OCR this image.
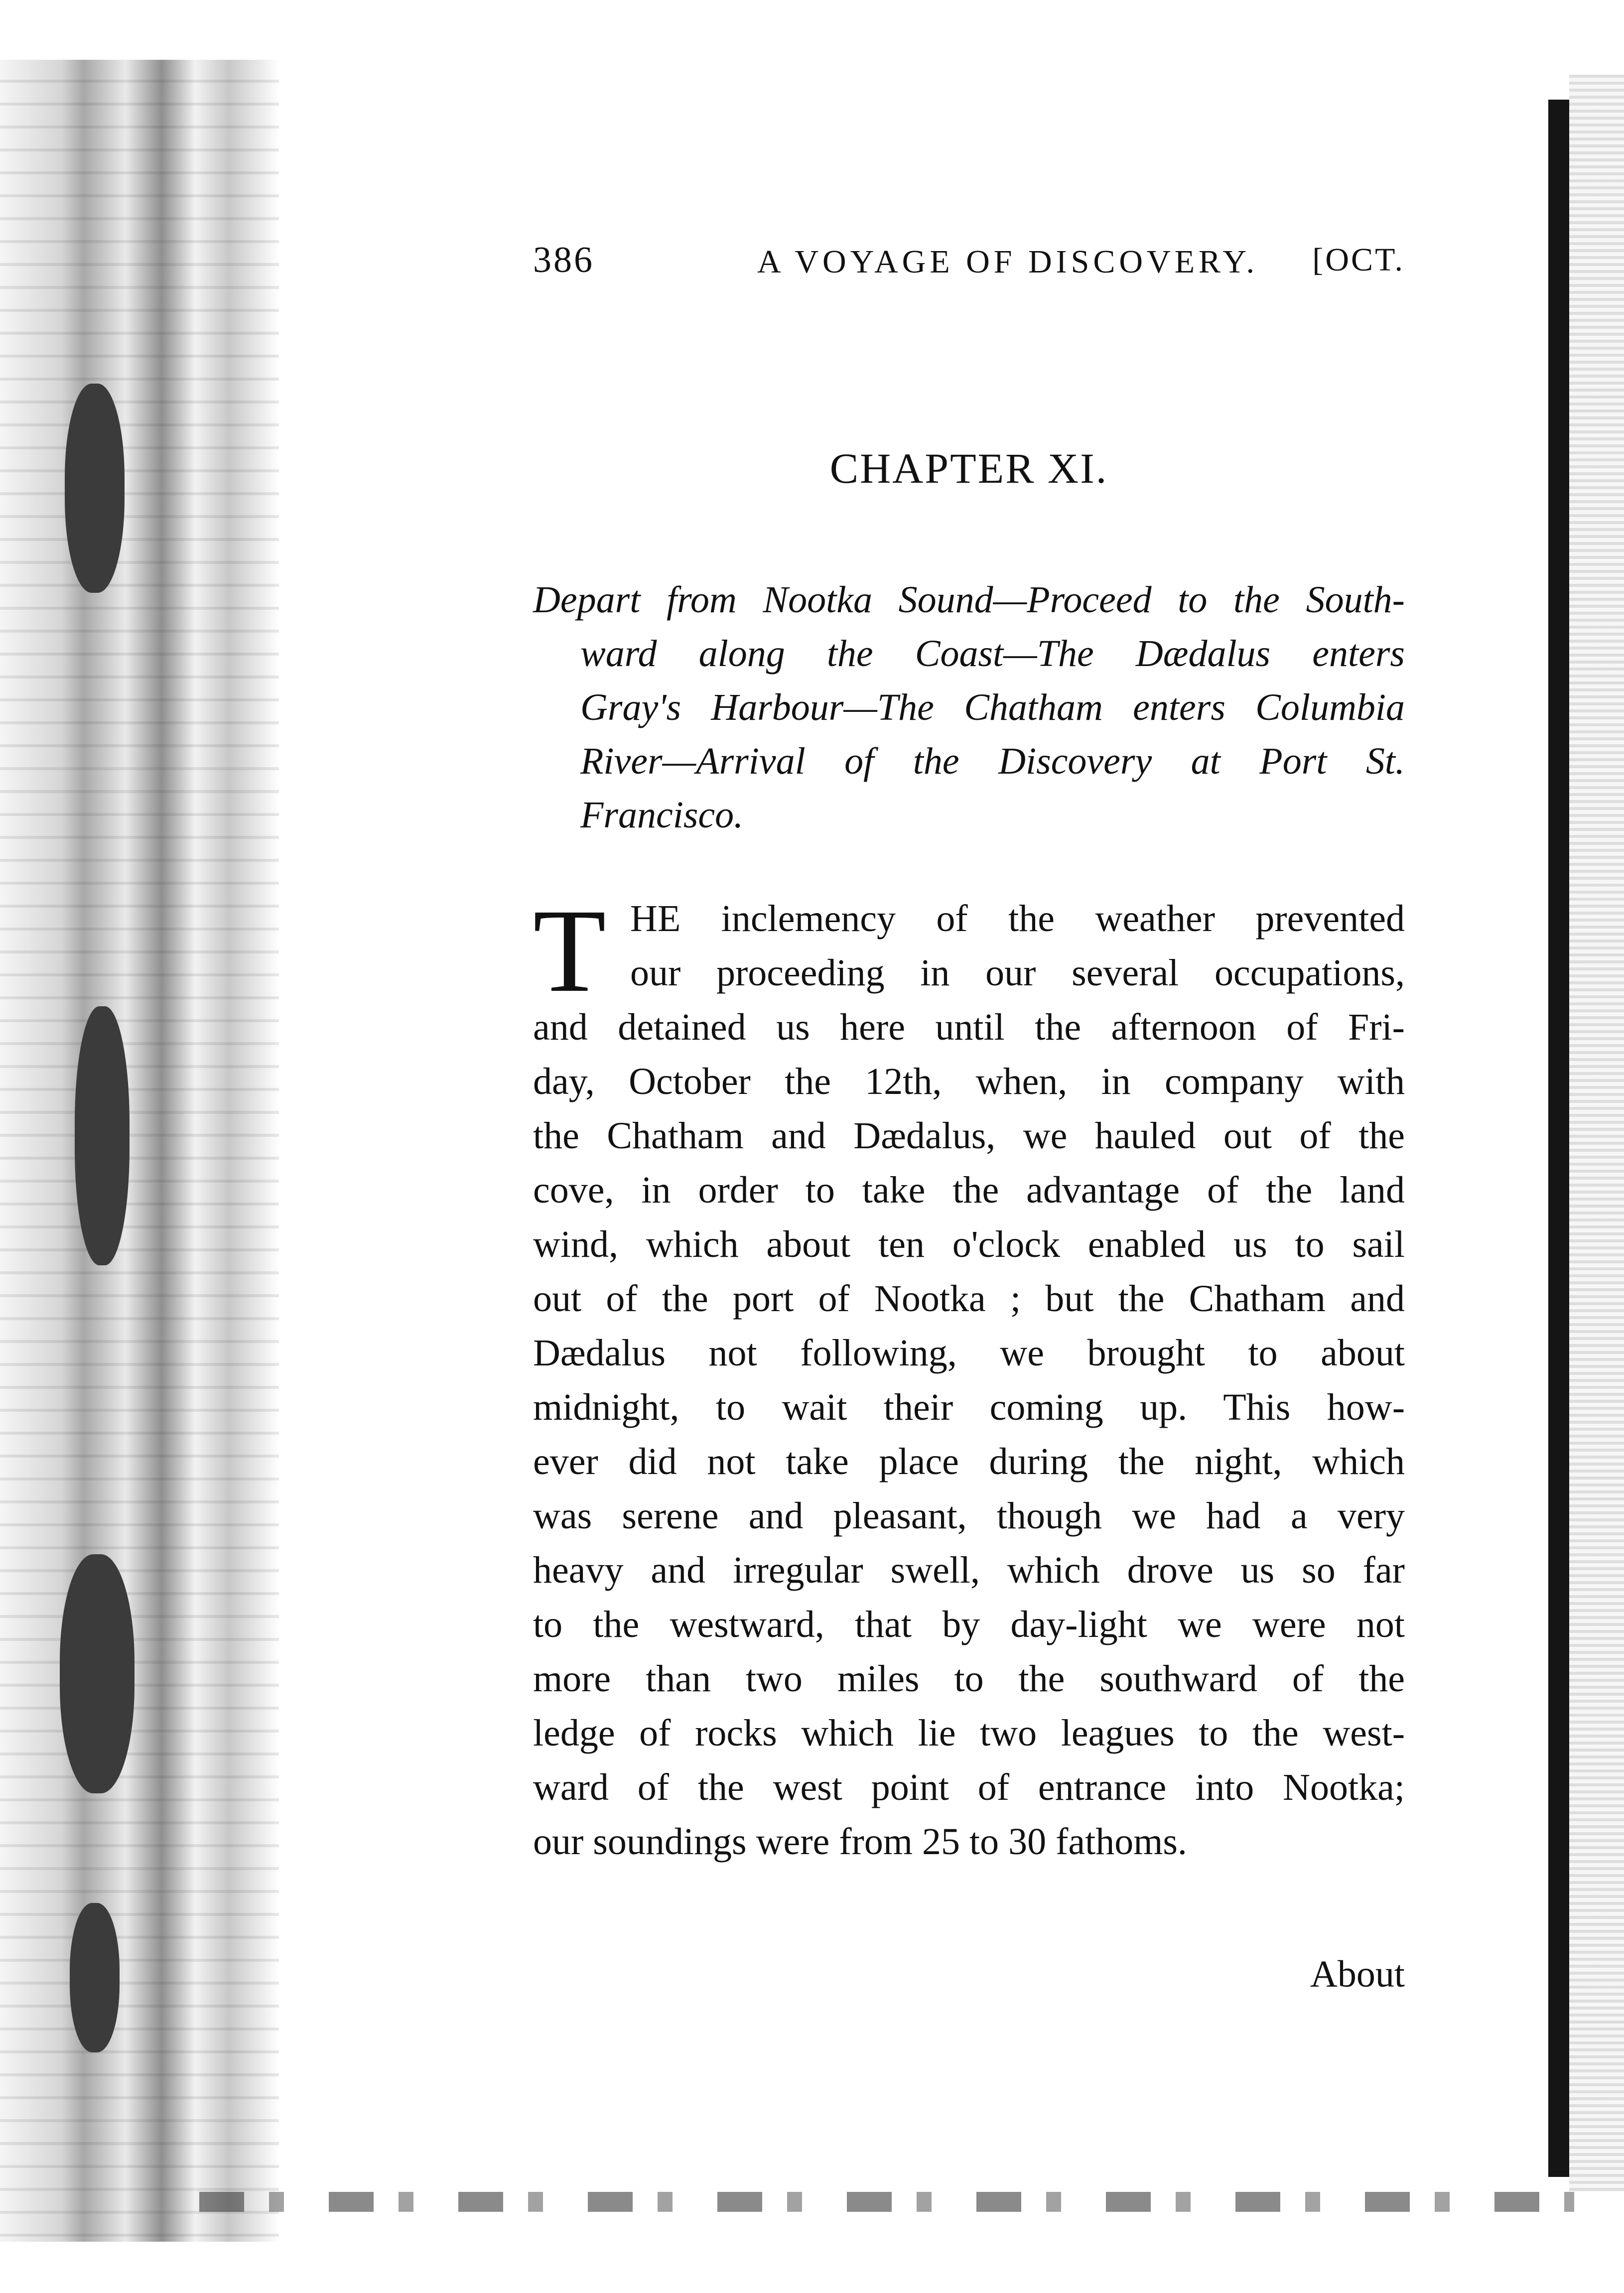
386	A VOYAGE OF DISCOVERY. [OCT.
CHAPTER XI.
Depart from Nootka Sound—Proceed to the South-
ward along the Coast—The Dædalus enters
Gray's Harbour—The Chatham enters Columbia
River—Arrival of the Discovery at Port St.
Francisco.
T HE inclemency of the weather prevented
our proceeding in our several occupations,
and detained us here until the afternoon of Fri-
day, October the 12th, when, in company with
the Chatham and Dædalus, we hauled out of the
cove, in order to take the advantage of the land
wind, which about ten o'clock enabled us to sail
out of the port of Nootka ; but the Chatham and
Dædalus not following, we brought to about
midnight, to wait their coming up. This how-
ever did not take place during the night, which
was serene and pleasant, though we had a very
heavy and irregular swell, which drove us so far
to the westward, that by day-light we were not
more than two miles to the southward of the
ledge of rocks which lie two leagues to the west-
ward of the west point of entrance into Nootka;
our soundings were from 25 to 30 fathoms.
About
